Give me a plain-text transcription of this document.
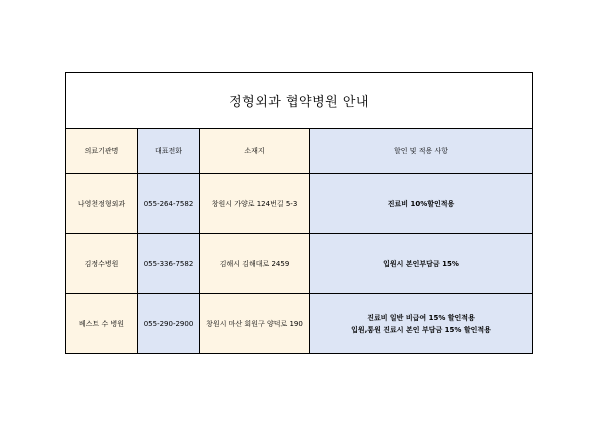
정형외과 협약병원 안내			
의료기관명	대표전화	소재지	할인 및 적용 사항
나영천정형외과	055-264-7582	창원시 가양로 124번길 5-3	진료비 10%할인적용

김정수병원	055-336-7582	김해시 김해대로 2459	입원시 본인부담금 15%

베스트 수 병원	055-290-2900	창원시 마산 회원구 양덕로 190	진료비 일반 비급여 15% 할인적용
입원,통원 진료시 본인 부담금 15% 할인적용
